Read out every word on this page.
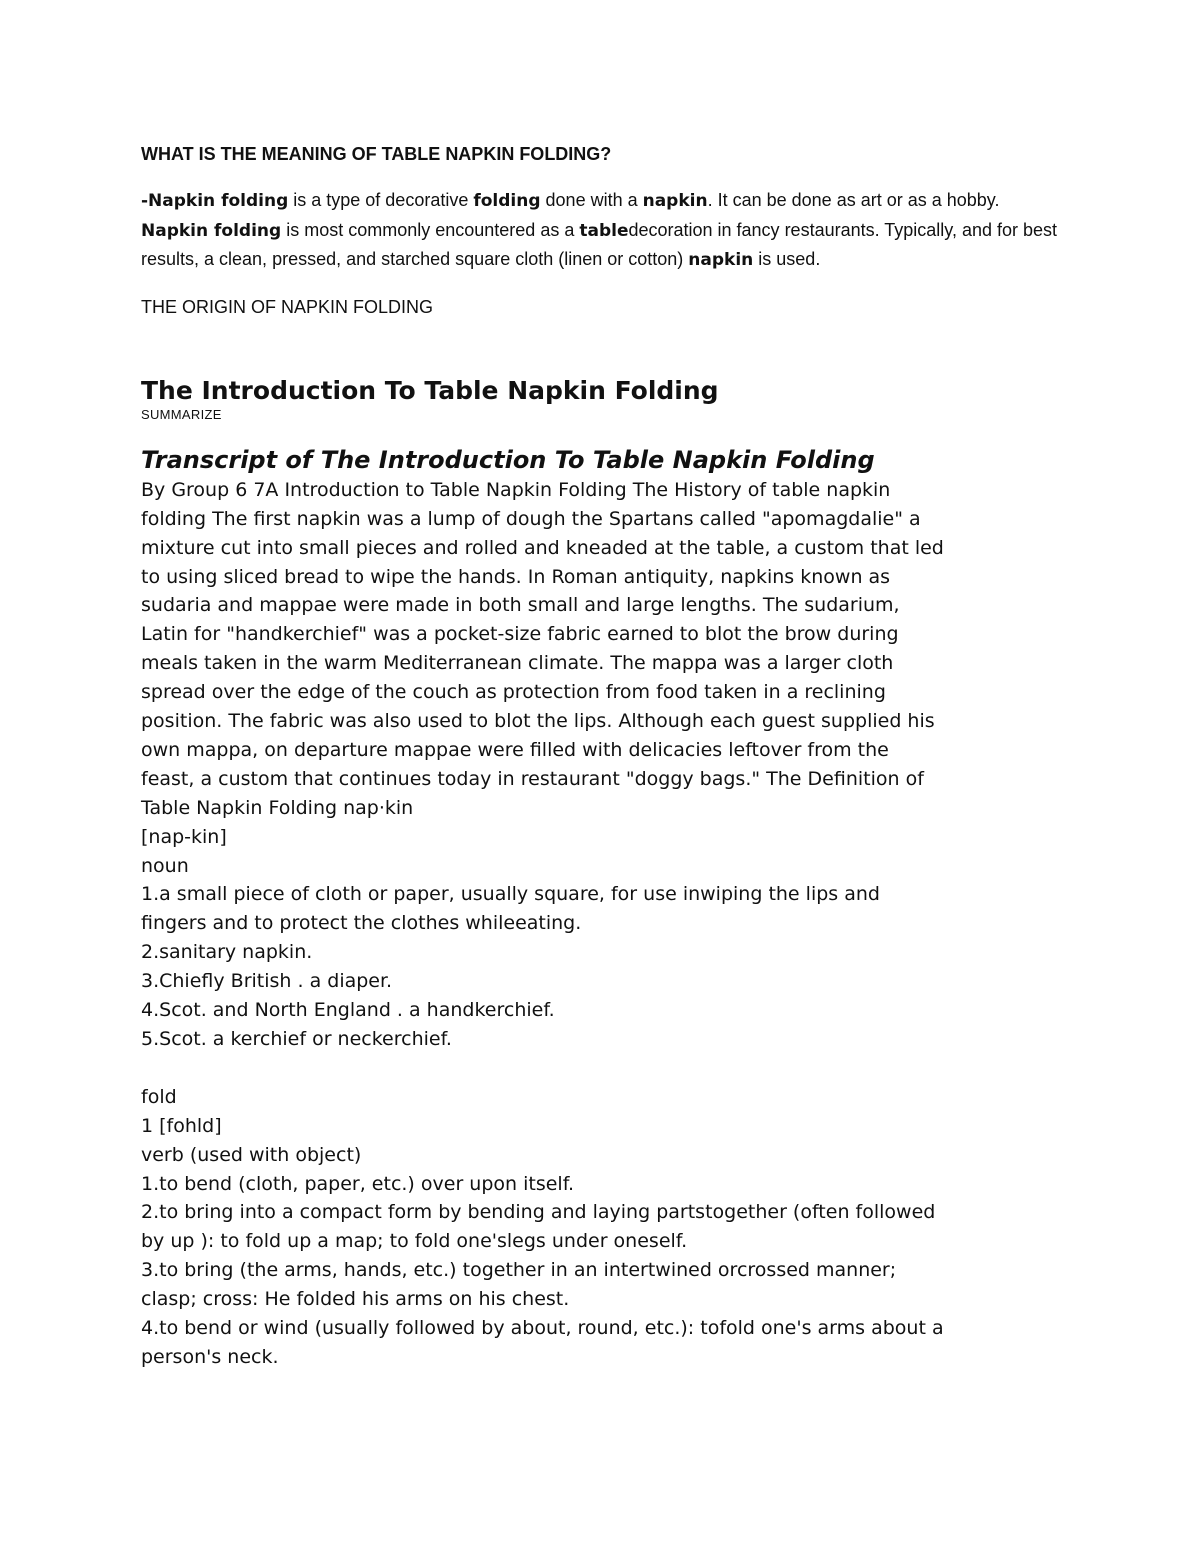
WHAT IS THE MEANING OF TABLE NAPKIN FOLDING?

-Napkin folding is a type of decorative folding done with a napkin. It can be done as art or as a hobby. Napkin folding is most commonly encountered as a tabledecoration in fancy restaurants. Typically, and for best results, a clean, pressed, and starched square cloth (linen or cotton) napkin is used.

THE ORIGIN OF NAPKIN FOLDING

The Introduction To Table Napkin Folding

SUMMARIZE

Transcript of The Introduction To Table Napkin Folding

By Group 6 7A Introduction to Table Napkin Folding The History of table napkin
folding The first napkin was a lump of dough the Spartans called "apomagdalie" a
mixture cut into small pieces and rolled and kneaded at the table, a custom that led
to using sliced bread to wipe the hands. In Roman antiquity, napkins known as
sudaria and mappae were made in both small and large lengths. The sudarium,
Latin for "handkerchief" was a pocket-size fabric earned to blot the brow during
meals taken in the warm Mediterranean climate. The mappa was a larger cloth
spread over the edge of the couch as protection from food taken in a reclining
position. The fabric was also used to blot the lips. Although each guest supplied his
own mappa, on departure mappae were filled with delicacies leftover from the
feast, a custom that continues today in restaurant "doggy bags." The Definition of
Table Napkin Folding nap·kin
[nap-kin]
noun
1.a small piece of cloth or paper, usually square, for use inwiping the lips and
fingers and to protect the clothes whileeating.
2.sanitary napkin.
3.Chiefly British . a diaper.
4.Scot. and North England . a handkerchief.
5.Scot. a kerchief or neckerchief.
fold
1 [fohld]
verb (used with object)
1.to bend (cloth, paper, etc.) over upon itself.
2.to bring into a compact form by bending and laying partstogether (often followed
by up ): to fold up a map; to fold one'slegs under oneself.
3.to bring (the arms, hands, etc.) together in an intertwined orcrossed manner;
clasp; cross: He folded his arms on his chest.
4.to bend or wind (usually followed by about, round, etc.): tofold one's arms about a
person's neck.
